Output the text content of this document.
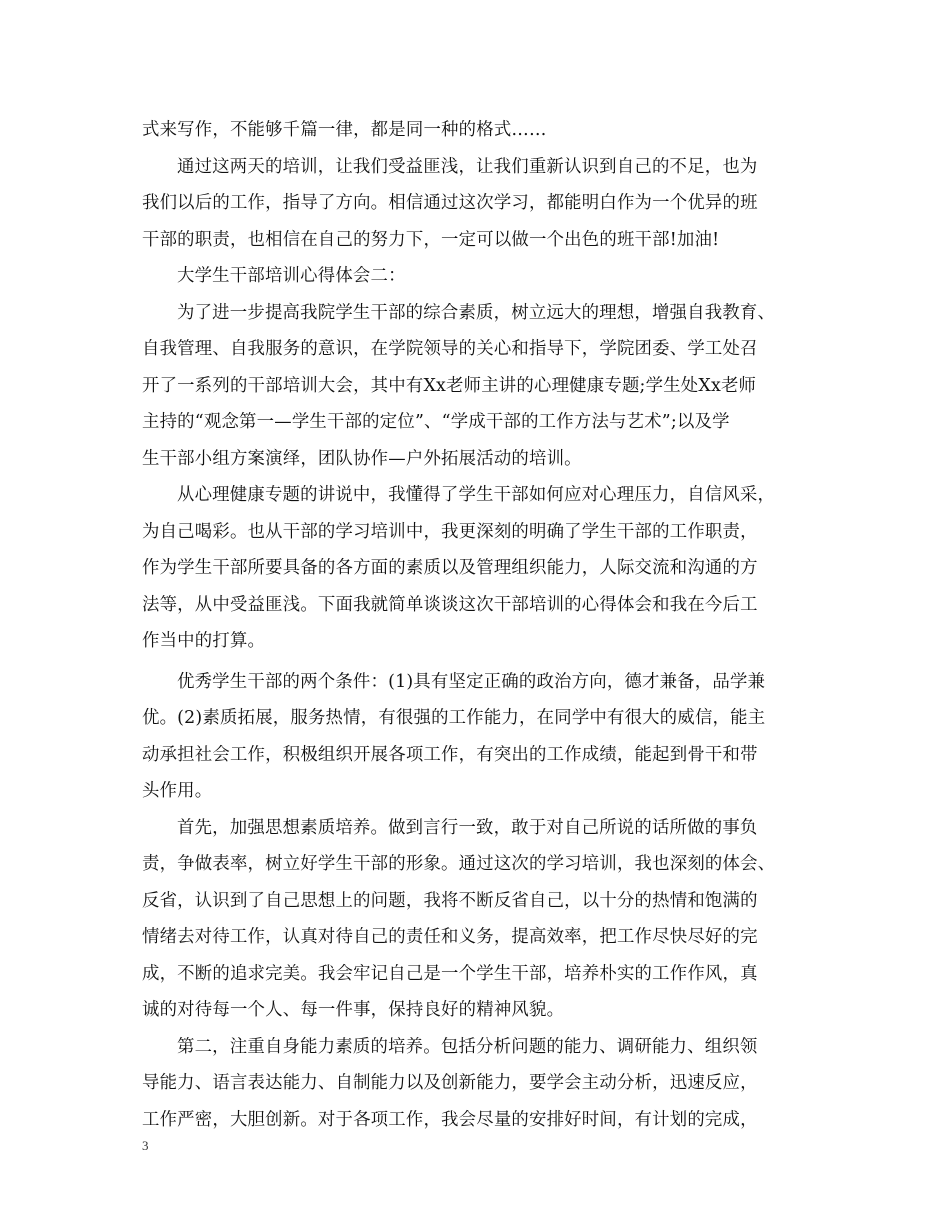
式来写作，不能够千篇一律，都是同一种的格式……
通过这两天的培训，让我们受益匪浅，让我们重新认识到自己的不足，也为
我们以后的工作，指导了方向。相信通过这次学习，都能明白作为一个优异的班
干部的职责，也相信在自己的努力下，一定可以做一个出色的班干部!加油!
大学生干部培训心得体会二：
为了进一步提高我院学生干部的综合素质，树立远大的理想，增强自我教育、
自我管理、自我服务的意识，在学院领导的关心和指导下，学院团委、学工处召
开了一系列的干部培训大会，其中有Xx老师主讲的心理健康专题;学生处Xx老师
主持的“观念第一—学生干部的定位”、“学成干部的工作方法与艺术”;以及学
生干部小组方案演绎，团队协作—户外拓展活动的培训。
从心理健康专题的讲说中，我懂得了学生干部如何应对心理压力，自信风采，
为自己喝彩。也从干部的学习培训中，我更深刻的明确了学生干部的工作职责，
作为学生干部所要具备的各方面的素质以及管理组织能力，人际交流和沟通的方
法等，从中受益匪浅。下面我就简单谈谈这次干部培训的心得体会和我在今后工
作当中的打算。
优秀学生干部的两个条件：(1)具有坚定正确的政治方向，德才兼备，品学兼
优。(2)素质拓展，服务热情，有很强的工作能力，在同学中有很大的威信，能主
动承担社会工作，积极组织开展各项工作，有突出的工作成绩，能起到骨干和带
头作用。
首先，加强思想素质培养。做到言行一致，敢于对自己所说的话所做的事负
责，争做表率，树立好学生干部的形象。通过这次的学习培训，我也深刻的体会、
反省，认识到了自己思想上的问题，我将不断反省自己，以十分的热情和饱满的
情绪去对待工作，认真对待自己的责任和义务，提高效率，把工作尽快尽好的完
成，不断的追求完美。我会牢记自己是一个学生干部，培养朴实的工作作风，真
诚的对待每一个人、每一件事，保持良好的精神风貌。
第二，注重自身能力素质的培养。包括分析问题的能力、调研能力、组织领
导能力、语言表达能力、自制能力以及创新能力，要学会主动分析，迅速反应，
工作严密，大胆创新。对于各项工作，我会尽量的安排好时间，有计划的完成，
3
